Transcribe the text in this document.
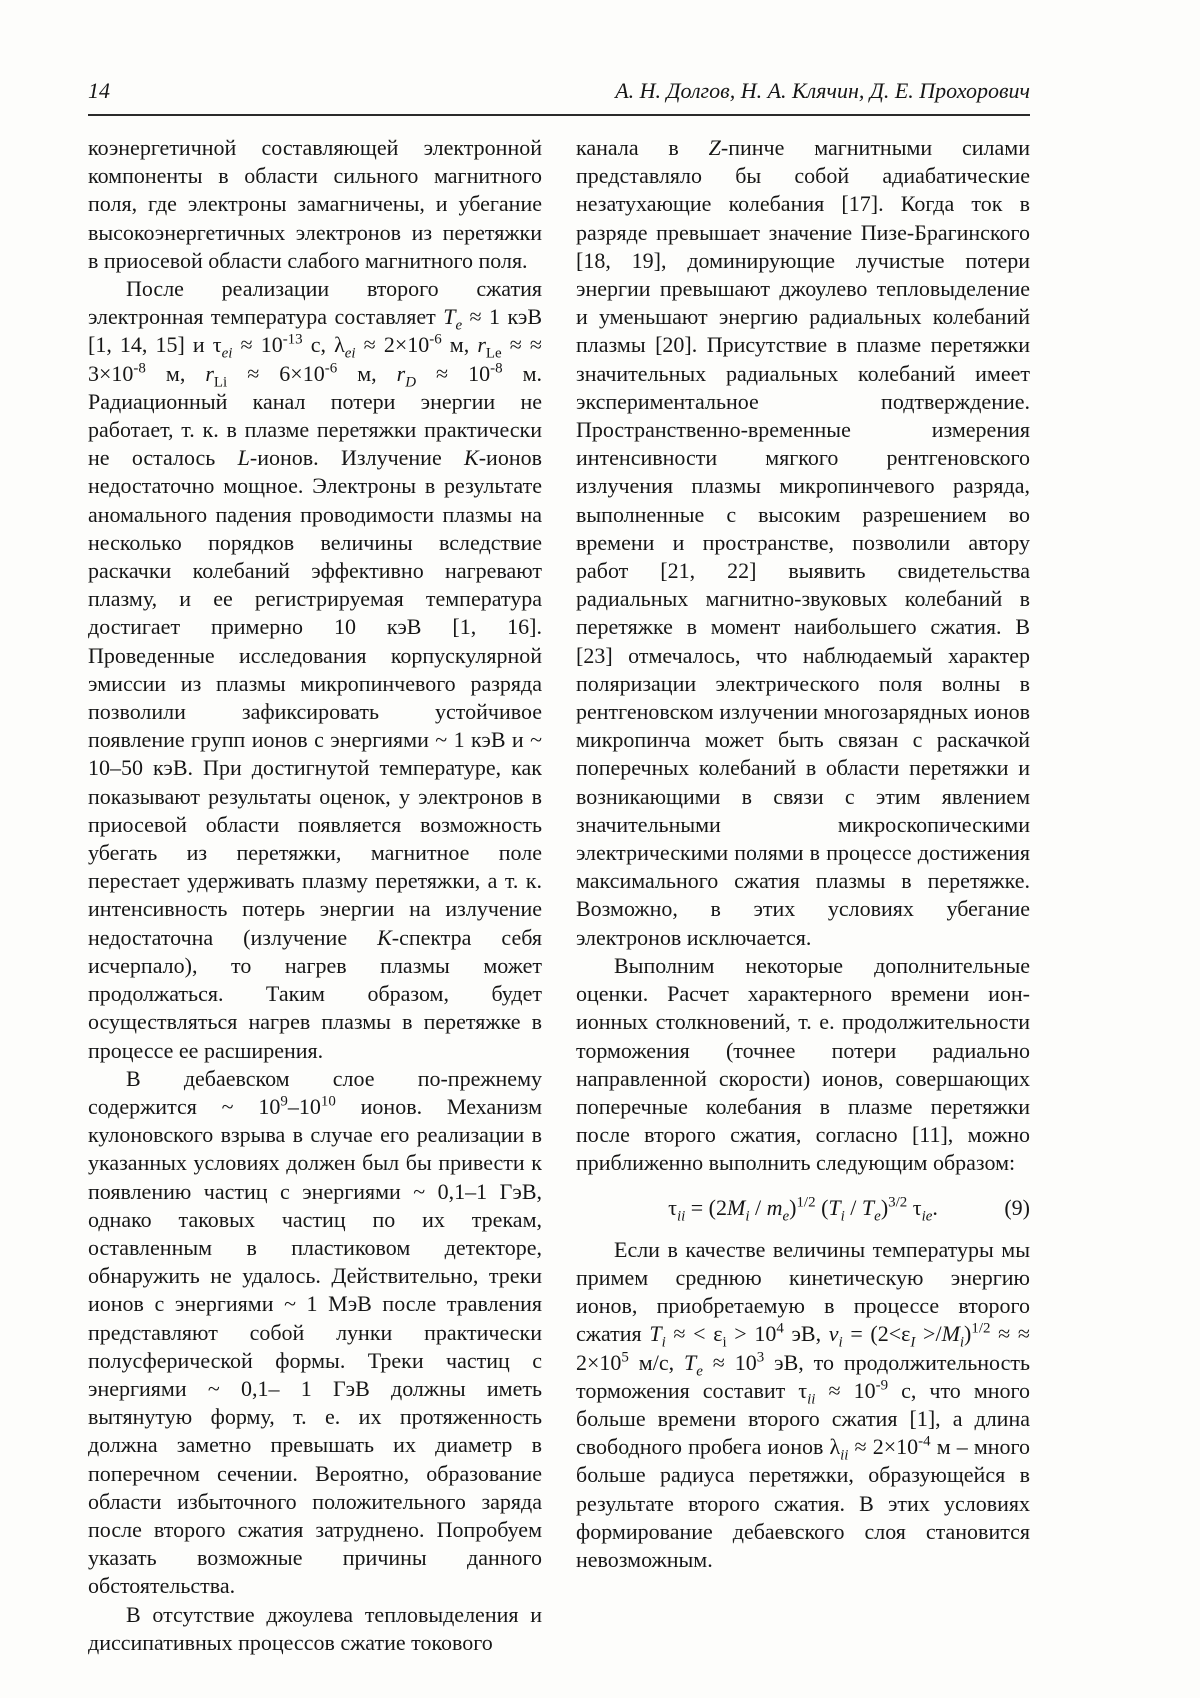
14	А. Н. Долгов, Н. А. Клячин, Д. Е. Прохорович

коэнергетичной составляющей электронной компоненты в области сильного магнитного поля, где электроны замагничены, и убегание высокоэнергетичных электронов из перетяжки в приосевой области слабого магнитного поля.

После реализации второго сжатия электронная температура составляет $T_e \approx 1$ кэВ [1, 14, 15] и $\tau_{ei} \approx 10^{-13}$ с, $\lambda_{ei} \approx 2\times 10^{-6}$ м, $r_{Le}$ ≈ ≈ $3\times 10^{-8}$ м, $r_{Li} \approx 6\times 10^{-6}$ м, $r_D \approx 10^{-8}$ м. Радиационный канал потери энергии не работает, т. к. в плазме перетяжки практически не осталось L-ионов. Излучение K-ионов недостаточно мощное. Электроны в результате аномального падения проводимости плазмы на несколько порядков величины вследствие раскачки колебаний эффективно нагревают плазму, и ее регистрируемая температура достигает примерно 10 кэВ [1, 16]. Проведенные исследования корпускулярной эмиссии из плазмы микропинчевого разряда позволили зафиксировать устойчивое появление групп ионов с энергиями ~ 1 кэВ и ~ 10–50 кэВ. При достигнутой температуре, как показывают результаты оценок, у электронов в приосевой области появляется возможность убегать из перетяжки, магнитное поле перестает удерживать плазму перетяжки, а т. к. интенсивность потерь энергии на излучение недостаточна (излучение K-спектра себя исчерпало), то нагрев плазмы может продолжаться. Таким образом, будет осуществляться нагрев плазмы в перетяжке в процессе ее расширения.

В дебаевском слое по-прежнему содержится ~ $10^9-10^{10}$ ионов. Механизм кулоновского взрыва в случае его реализации в указанных условиях должен был бы привести к появлению частиц с энергиями ~ 0,1–1 ГэВ, однако таковых частиц по их трекам, оставленным в пластиковом детекторе, обнаружить не удалось. Действительно, треки ионов с энергиями ~ 1 МэВ после травления представляют собой лунки практически полусферической формы. Треки частиц с энергиями ~ 0,1– 1 ГэВ должны иметь вытянутую форму, т. е. их протяженность должна заметно превышать их диаметр в поперечном сечении. Вероятно, образование области избыточного положительного заряда после второго сжатия затруднено. Попробуем указать возможные причины данного обстоятельства.

В отсутствие джоулева тепловыделения и диссипативных процессов сжатие токового

канала в Z-пинче магнитными силами представляло бы собой адиабатические незатухающие колебания [17]. Когда ток в разряде превышает значение Пизе-Брагинского [18, 19], доминирующие лучистые потери энергии превышают джоулево тепловыделение и уменьшают энергию радиальных колебаний плазмы [20]. Присутствие в плазме перетяжки значительных радиальных колебаний имеет экспериментальное подтверждение. Пространственно-временные измерения интенсивности мягкого рентгеновского излучения плазмы микропинчевого разряда, выполненные с высоким разрешением во времени и пространстве, позволили автору работ [21, 22] выявить свидетельства радиальных магнитно-звуковых колебаний в перетяжке в момент наибольшего сжатия. В [23] отмечалось, что наблюдаемый характер поляризации электрического поля волны в рентгеновском излучении многозарядных ионов микропинча может быть связан с раскачкой поперечных колебаний в области перетяжки и возникающими в связи с этим явлением значительными микроскопическими электрическими полями в процессе достижения максимального сжатия плазмы в перетяжке. Возможно, в этих условиях убегание электронов исключается.

Выполним некоторые дополнительные оценки. Расчет характерного времени ион-ионных столкновений, т. е. продолжительности торможения (точнее потери радиально направленной скорости) ионов, совершающих поперечные колебания в плазме перетяжки после второго сжатия, согласно [11], можно приближенно выполнить следующим образом:

$\tau_{ii} = (2M_i / m_e)^{1/2}$ $(T_i / T_e)^{3/2}$ $\tau_{ie}$.	(9)

Если в качестве величины температуры мы примем среднюю кинетическую энергию ионов, приобретаемую в процессе второго сжатия $T_i$ ≈ < $\varepsilon_i > 10^4$ эВ, $v_i = (2<\varepsilon_I >/M_i)^{1/2}$ ≈ ≈ $2\times 10^5$ м/с, $T_e \approx 10^3$ эВ, то продолжительность торможения составит $\tau_{ii} \approx 10^{-9}$ с, что много больше времени второго сжатия [1], а длина свободного пробега ионов $\lambda_{ii} \approx 2\times 10^{-4}$ м – много больше радиуса перетяжки, образующейся в результате второго сжатия. В этих условиях формирование дебаевского слоя становится невозможным.
